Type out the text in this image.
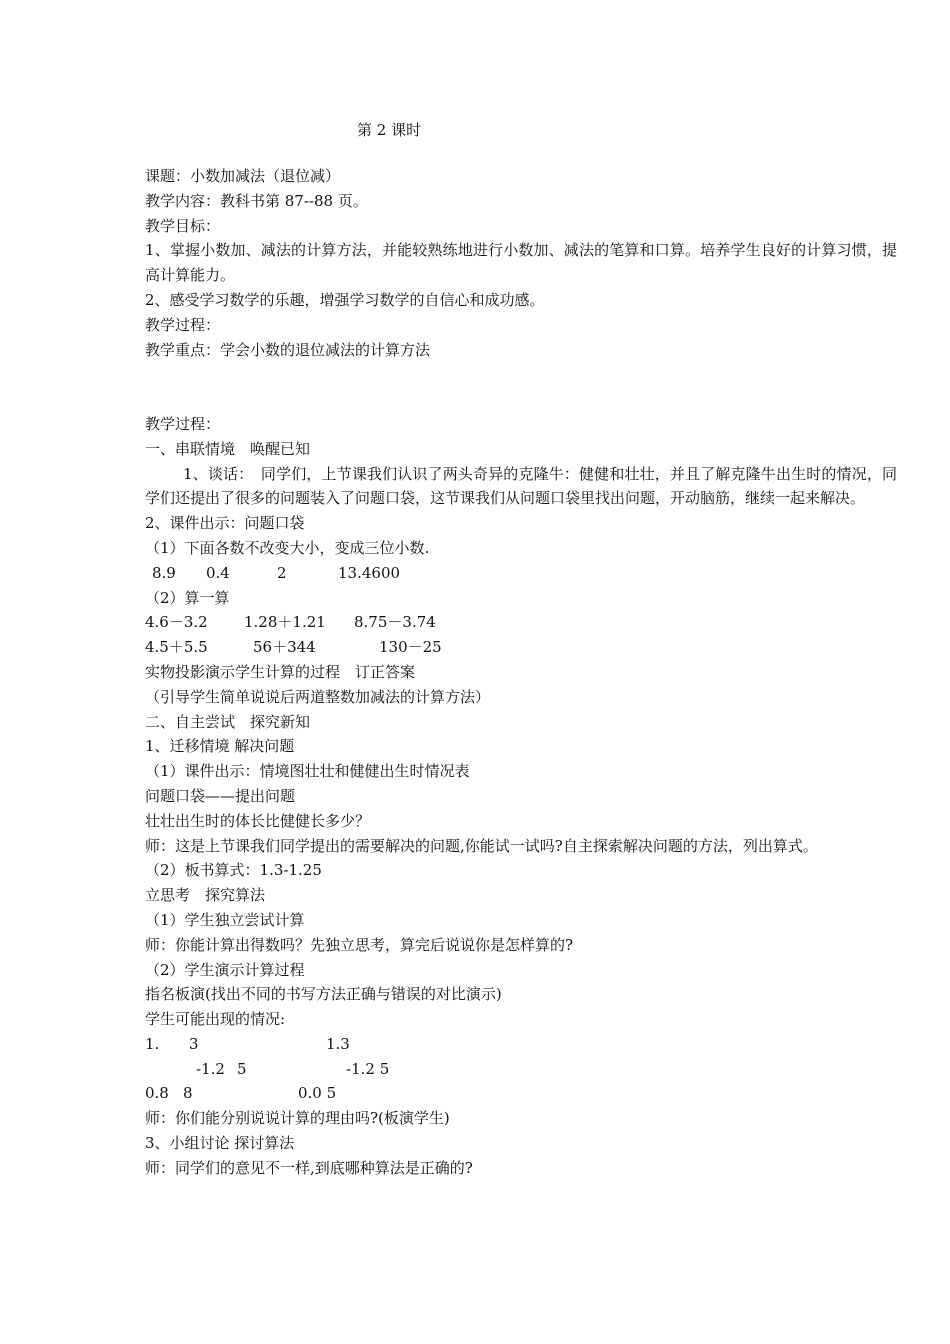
第 2 课时
课题：小数加减法（退位减）
教学内容：教科书第 87--88 页。
教学目标：
1、掌握小数加、减法的计算方法，并能较熟练地进行小数加、减法的笔算和口算。培养学生良好的计算习惯，提高计算能力。
2、感受学习数学的乐趣，增强学习数学的自信心和成功感。
教学过程：
教学重点：学会小数的退位减法的计算方法
教学过程：
一、串联情境　唤醒已知
1、谈话：　同学们，上节课我们认识了两头奇异的克隆牛：健健和壮壮，并且了解克隆牛出生时的情况，同学们还提出了很多的问题装入了问题口袋，这节课我们从问题口袋里找出问题，开动脑筋，继续一起来解决。
2、课件出示：问题口袋
（1）下面各数不改变大小，变成三位小数.
8.9 0.4	2	13.4600
（2）算一算
4.6－3.2 1.28＋1.21 8.75－3.74
4.5＋5.5	56＋344	130－25
实物投影演示学生计算的过程　订正答案
（引导学生简单说说后两道整数加减法的计算方法）
二、自主尝试　探究新知
1、迁移情境 解决问题
（1）课件出示：情境图壮壮和健健出生时情况表
问题口袋——提出问题
壮壮出生时的体长比健健长多少？
师：这是上节课我们同学提出的需要解决的问题,你能试一试吗?自主探索解决问题的方法，列出算式。
（2）板书算式：1.3-1.25
立思考　探究算法
（1）学生独立尝试计算
师：你能计算出得数吗？先独立思考，算完后说说你是怎样算的?
（2）学生演示计算过程
指名板演(找出不同的书写方法正确与错误的对比演示)
学生可能出现的情况:
1. 3	1.3
-1.2 5	-1.2 5
0.8 8	0.0 5
师：你们能分别说说计算的理由吗?(板演学生)
3、小组讨论 探讨算法
师：同学们的意见不一样,到底哪种算法是正确的?
